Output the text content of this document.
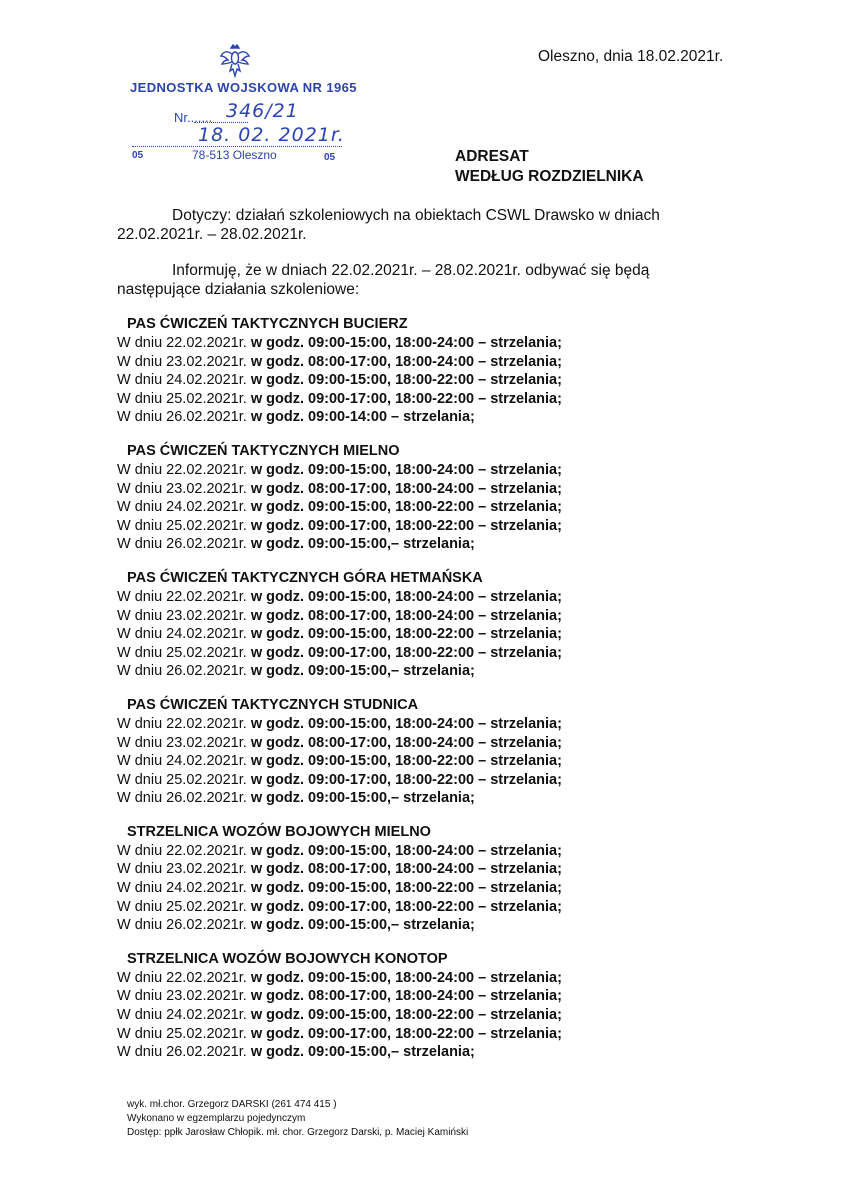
Oleszno, dnia 18.02.2021r.
JEDNOSTKA WOJSKOWA NR 1965
Nr....... 346/21
18. 02. 2021r.
05	78-513 Oleszno	05	ADRESAT
WEDŁUG ROZDZIELNIKA
Dotyczy: działań szkoleniowych na obiektach CSWL Drawsko w dniach 22.02.2021r. – 28.02.2021r.
Informuję, że w dniach 22.02.2021r. – 28.02.2021r. odbywać się będą następujące działania szkoleniowe:
PAS ĆWICZEŃ TAKTYCZNYCH BUCIERZ
W dniu 22.02.2021r. w godz. 09:00-15:00, 18:00-24:00 – strzelania;
W dniu 23.02.2021r. w godz. 08:00-17:00, 18:00-24:00 – strzelania;
W dniu 24.02.2021r. w godz. 09:00-15:00, 18:00-22:00 – strzelania;
W dniu 25.02.2021r. w godz. 09:00-17:00, 18:00-22:00 – strzelania;
W dniu 26.02.2021r. w godz. 09:00-14:00 – strzelania;
PAS ĆWICZEŃ TAKTYCZNYCH MIELNO
W dniu 22.02.2021r. w godz. 09:00-15:00, 18:00-24:00 – strzelania;
W dniu 23.02.2021r. w godz. 08:00-17:00, 18:00-24:00 – strzelania;
W dniu 24.02.2021r. w godz. 09:00-15:00, 18:00-22:00 – strzelania;
W dniu 25.02.2021r. w godz. 09:00-17:00, 18:00-22:00 – strzelania;
W dniu 26.02.2021r. w godz. 09:00-15:00,– strzelania;
PAS ĆWICZEŃ TAKTYCZNYCH GÓRA HETMAŃSKA
W dniu 22.02.2021r. w godz. 09:00-15:00, 18:00-24:00 – strzelania;
W dniu 23.02.2021r. w godz. 08:00-17:00, 18:00-24:00 – strzelania;
W dniu 24.02.2021r. w godz. 09:00-15:00, 18:00-22:00 – strzelania;
W dniu 25.02.2021r. w godz. 09:00-17:00, 18:00-22:00 – strzelania;
W dniu 26.02.2021r. w godz. 09:00-15:00,– strzelania;
PAS ĆWICZEŃ TAKTYCZNYCH STUDNICA
W dniu 22.02.2021r. w godz. 09:00-15:00, 18:00-24:00 – strzelania;
W dniu 23.02.2021r. w godz. 08:00-17:00, 18:00-24:00 – strzelania;
W dniu 24.02.2021r. w godz. 09:00-15:00, 18:00-22:00 – strzelania;
W dniu 25.02.2021r. w godz. 09:00-17:00, 18:00-22:00 – strzelania;
W dniu 26.02.2021r. w godz. 09:00-15:00,– strzelania;
STRZELNICA WOZÓW BOJOWYCH MIELNO
W dniu 22.02.2021r. w godz. 09:00-15:00, 18:00-24:00 – strzelania;
W dniu 23.02.2021r. w godz. 08:00-17:00, 18:00-24:00 – strzelania;
W dniu 24.02.2021r. w godz. 09:00-15:00, 18:00-22:00 – strzelania;
W dniu 25.02.2021r. w godz. 09:00-17:00, 18:00-22:00 – strzelania;
W dniu 26.02.2021r. w godz. 09:00-15:00,– strzelania;
STRZELNICA WOZÓW BOJOWYCH KONOTOP
W dniu 22.02.2021r. w godz. 09:00-15:00, 18:00-24:00 – strzelania;
W dniu 23.02.2021r. w godz. 08:00-17:00, 18:00-24:00 – strzelania;
W dniu 24.02.2021r. w godz. 09:00-15:00, 18:00-22:00 – strzelania;
W dniu 25.02.2021r. w godz. 09:00-17:00, 18:00-22:00 – strzelania;
W dniu 26.02.2021r. w godz. 09:00-15:00,– strzelania;
wyk. mł.chor. Grzegorz DARSKI (261 474 415 )
Wykonano w egzemplarzu pojedynczym
Dostęp: ppłk Jarosław Chłopik. mł. chor. Grzegorz Darski, p. Maciej Kamiński
